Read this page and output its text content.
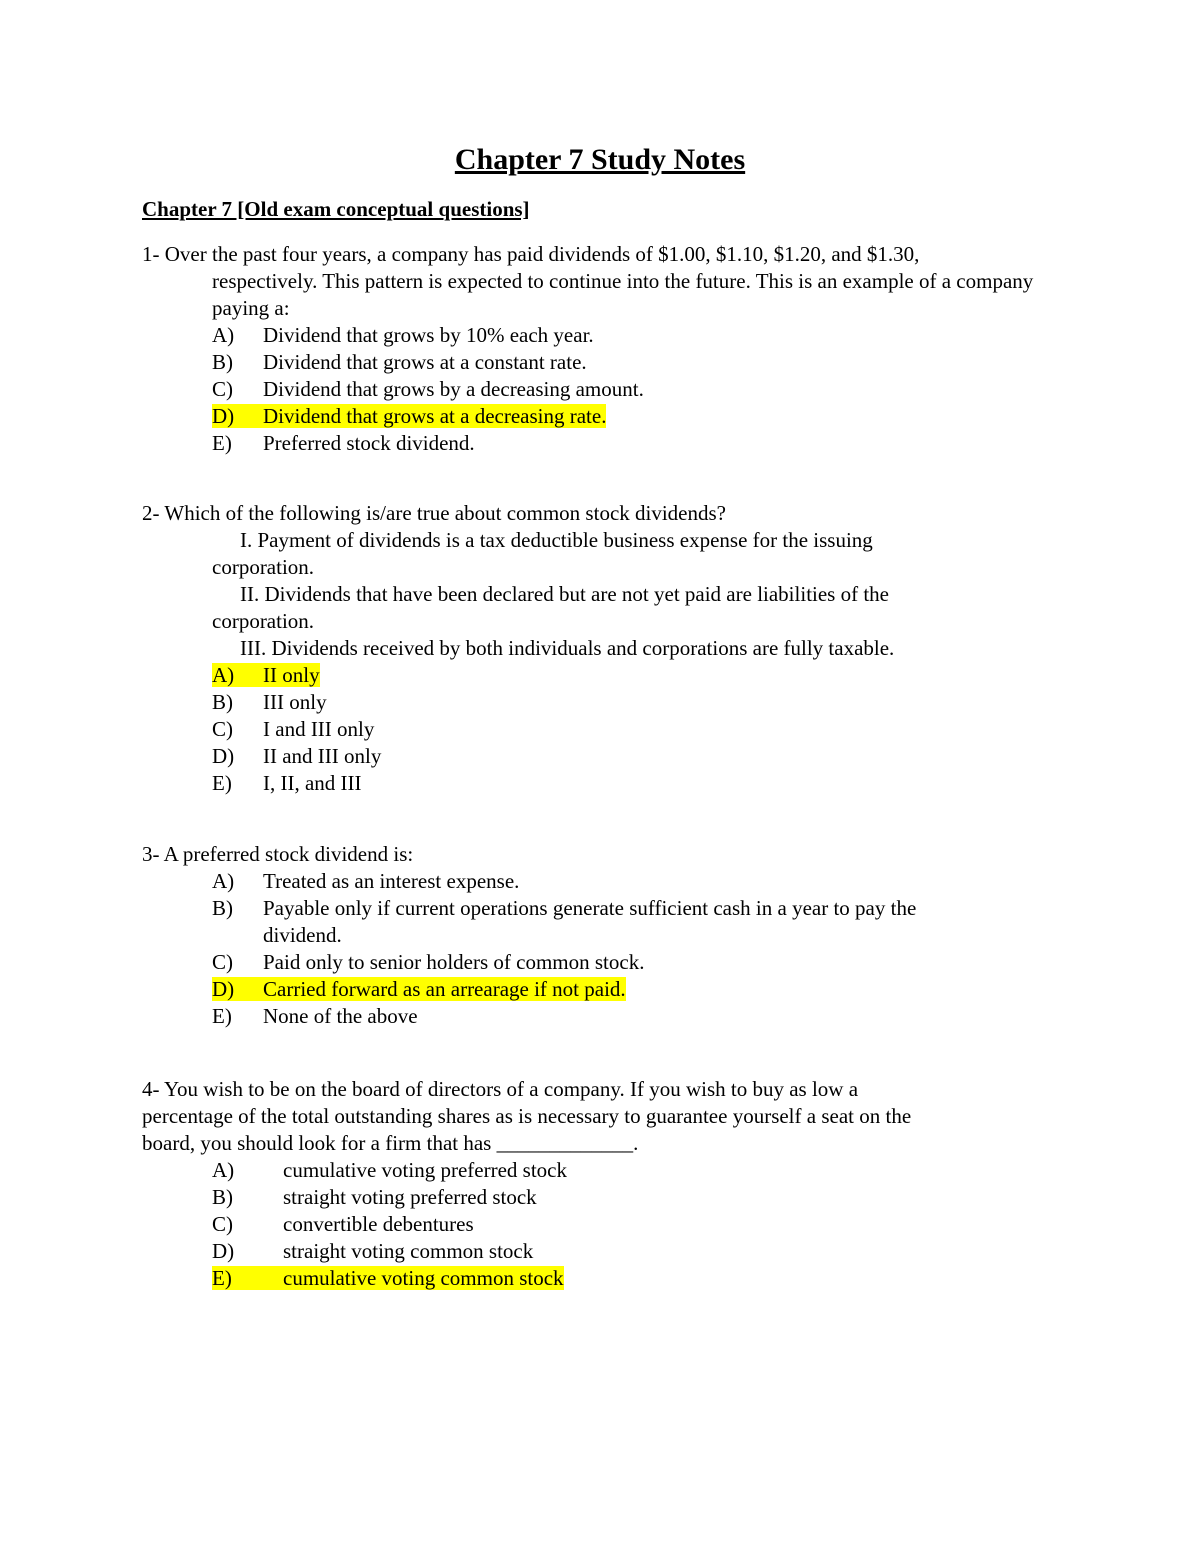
Chapter 7 Study Notes
Chapter 7 [Old exam conceptual questions]
1- Over the past four years, a company has paid dividends of $1.00, $1.10, $1.20, and $1.30,
respectively. This pattern is expected to continue into the future. This is an example of a company paying a:
A) Dividend that grows by 10% each year.
B) Dividend that grows at a constant rate.
C) Dividend that grows by a decreasing amount.
D) Dividend that grows at a decreasing rate.
E) Preferred stock dividend.
2- Which of the following is/are true about common stock dividends?
I. Payment of dividends is a tax deductible business expense for the issuing
corporation.
II. Dividends that have been declared but are not yet paid are liabilities of the
corporation.
III. Dividends received by both individuals and corporations are fully taxable.
A) II only
B) III only
C) I and III only
D) II and III only
E) I, II, and III
3- A preferred stock dividend is:
A) Treated as an interest expense.
B) Payable only if current operations generate sufficient cash in a year to pay the
dividend.
C) Paid only to senior holders of common stock.
D) Carried forward as an arrearage if not paid.
E) None of the above
4- You wish to be on the board of directors of a company. If you wish to buy as low a
percentage of the total outstanding shares as is necessary to guarantee yourself a seat on the
board, you should look for a firm that has _____________.
A) cumulative voting preferred stock
B) straight voting preferred stock
C) convertible debentures
D) straight voting common stock
E) cumulative voting common stock
